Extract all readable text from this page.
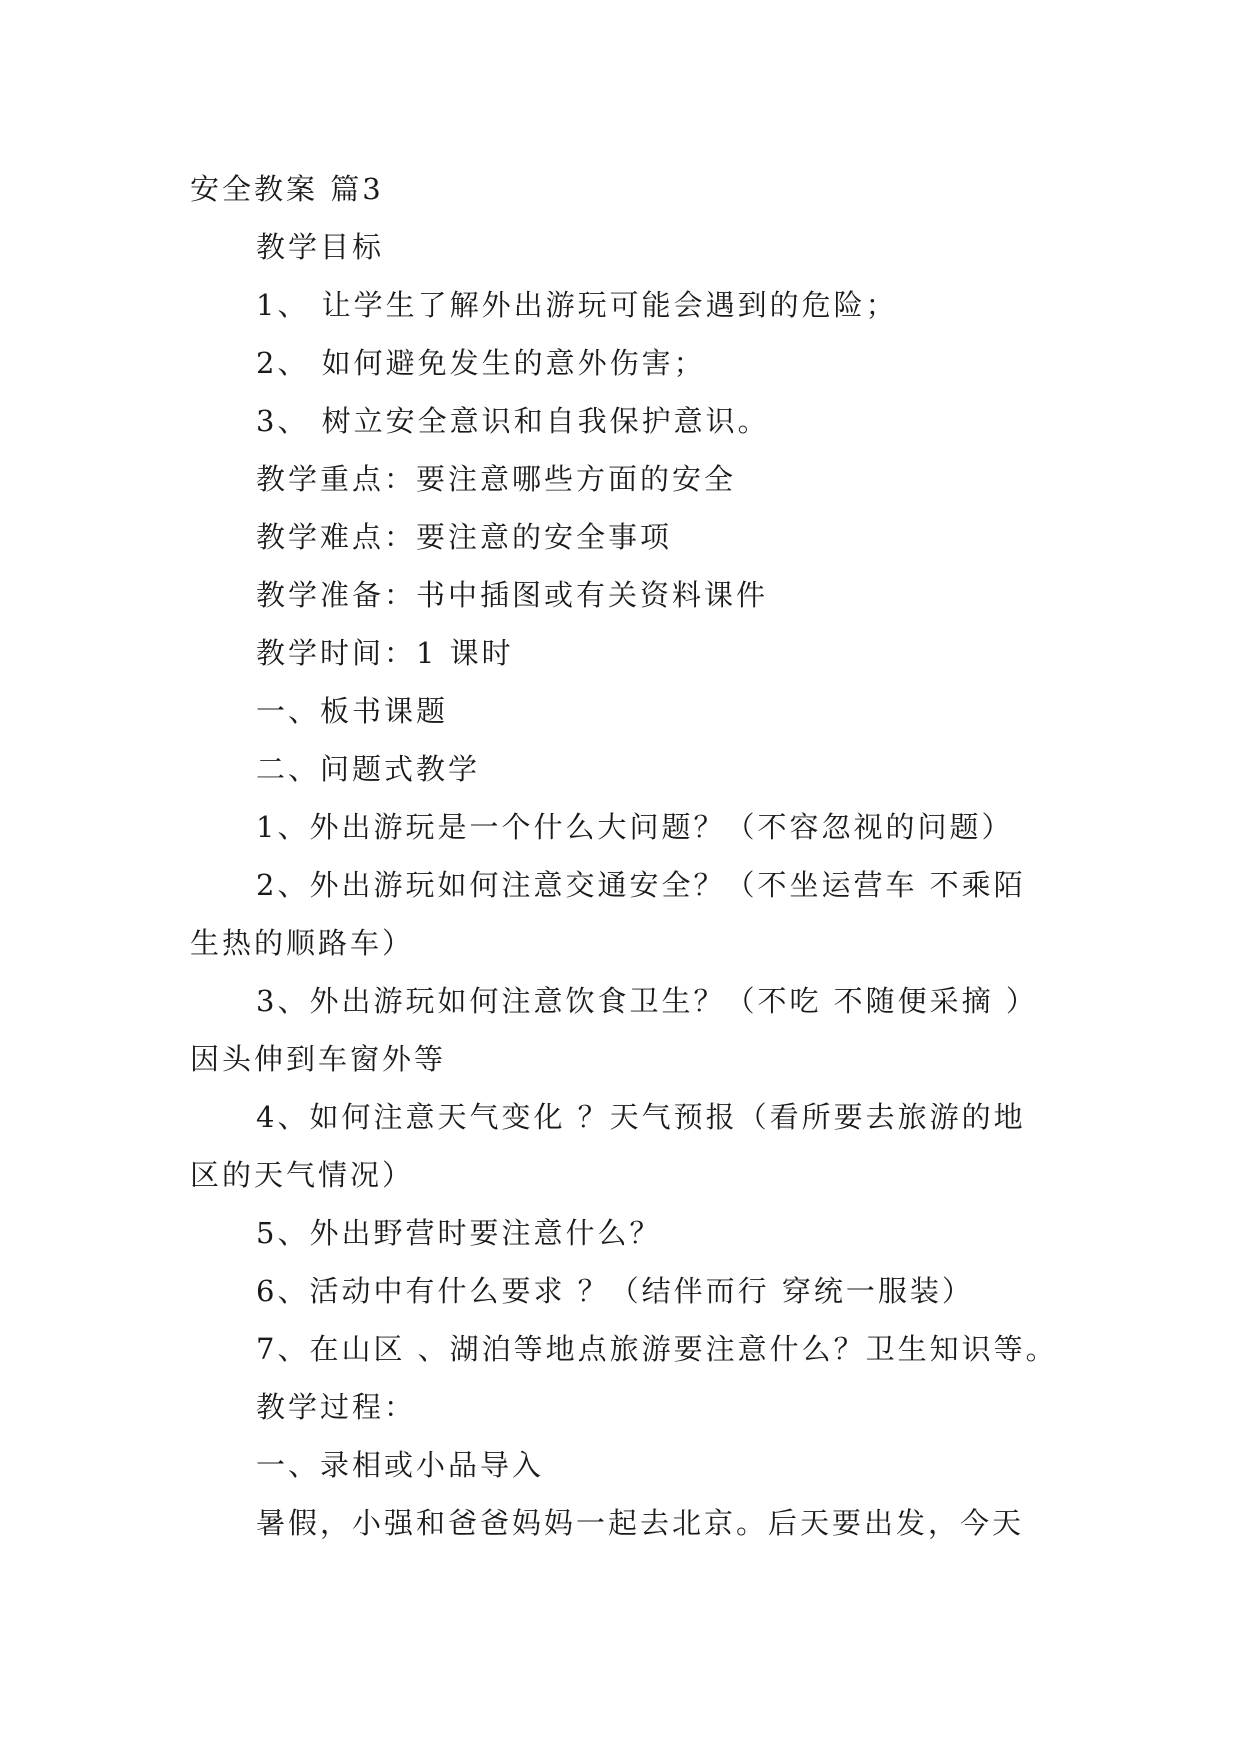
安全教案 篇3
教学目标
1、 让学生了解外出游玩可能会遇到的危险；
2、 如何避免发生的意外伤害；
3、 树立安全意识和自我保护意识。
教学重点：要注意哪些方面的安全
教学难点：要注意的安全事项
教学准备：书中插图或有关资料课件
教学时间：1 课时
一、板书课题
二、问题式教学
1、外出游玩是一个什么大问题？（不容忽视的问题）
2、外出游玩如何注意交通安全？（不坐运营车 不乘陌
生热的顺路车）
3、外出游玩如何注意饮食卫生？（不吃 不随便采摘 ）
因头伸到车窗外等
4、如何注意天气变化 ？天气预报（看所要去旅游的地
区的天气情况）
5、外出野营时要注意什么？
6、活动中有什么要求 ？（结伴而行 穿统一服装）
7、在山区 、湖泊等地点旅游要注意什么？卫生知识等。
教学过程：
一、录相或小品导入
暑假，小强和爸爸妈妈一起去北京。后天要出发，今天
